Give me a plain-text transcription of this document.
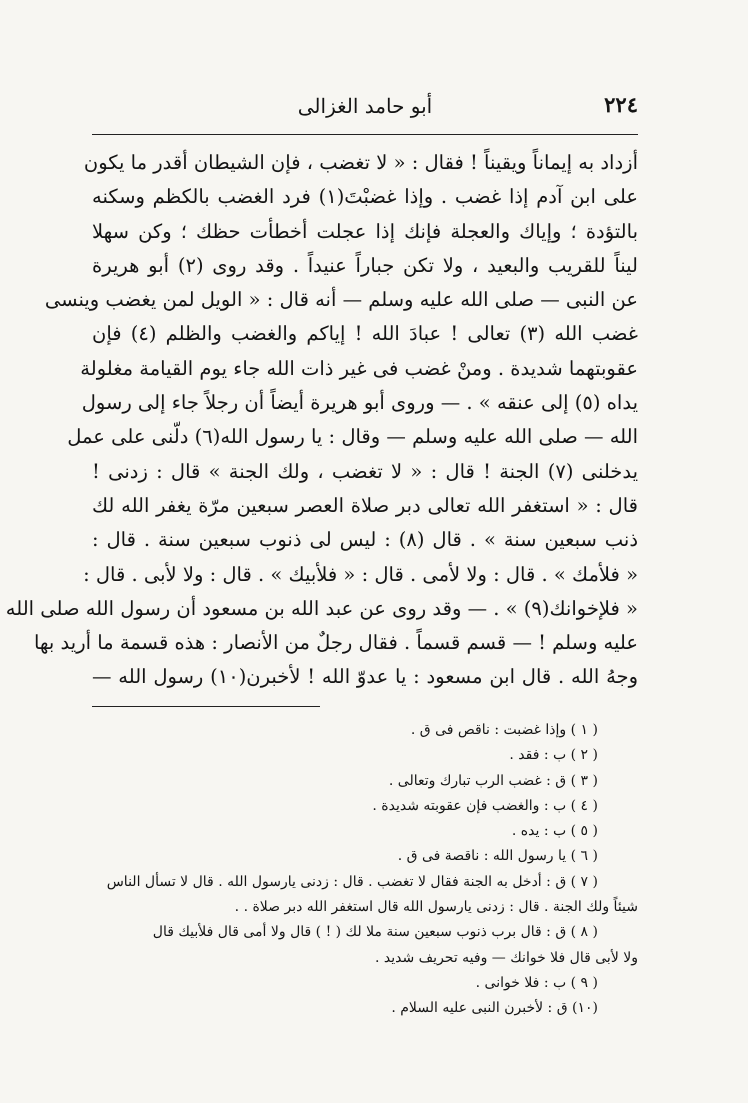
٢٢٤
أبو حامد الغزالى
أزداد به إيماناً ويقيناً ! فقال : « لا تغضب ، فإن الشيطان أقدر ما يكون
على ابن آدم إذا غضب . وإذا غضبْتَ(١) فرد الغضب بالكظم وسكنه
بالتؤدة ؛ وإياك والعجلة فإنك إذا عجلت أخطأت حظك ؛ وكن سهلا
ليناً للقريب والبعيد ، ولا تكن جباراً عنيداً . وقد روى (٢) أبو هريرة
عن النبى — صلى الله عليه وسلم — أنه قال : « الويل لمن يغضب وينسى
غضب الله (٣) تعالى ! عبادَ الله ! إياكم والغضب والظلم (٤) فإن
عقوبتهما شديدة . ومنْ غضب فى غير ذات الله جاء يوم القيامة مغلولة
يداه (٥) إلى عنقه » . — وروى أبو هريرة أيضاً أن رجلاً جاء إلى رسول
الله — صلى الله عليه وسلم — وقال : يا رسول الله(٦) دلّنى على عمل
يدخلنى (٧) الجنة ! قال : « لا تغضب ، ولك الجنة » قال : زدنى !
قال : « استغفر الله تعالى دبر صلاة العصر سبعين مرّة يغفر الله لك
ذنب سبعين سنة » . قال (٨) : ليس لى ذنوب سبعين سنة . قال :
« فلأمك » . قال : ولا لأمى . قال : « فلأبيك » . قال : ولا لأبى . قال :
« فلإخوانك(٩) » . — وقد روى عن عبد الله بن مسعود أن رسول الله صلى الله
عليه وسلم ! — قسم قسماً . فقال رجلٌ من الأنصار : هذه قسمة ما أريد بها
وجهُ الله . قال ابن مسعود : يا عدوّ الله ! لأخبرن(١٠) رسول الله —
( ١ ) وإذا غضبت : ناقص فى ق .
( ٢ ) ب : فقد .
( ٣ ) ق : غضب الرب تبارك وتعالى .
( ٤ ) ب : والغضب فإن عقوبته شديدة .
( ٥ ) ب : يده .
( ٦ ) يا رسول الله : ناقصة فى ق .
( ٧ ) ق : أدخل به الجنة فقال لا تغضب . قال : زدنى يارسول الله . قال لا تسأل الناس
شيئاً ولك الجنة . قال : زدنى يارسول الله قال استغفر الله دبر صلاة . .
( ٨ ) ق : قال برب ذنوب سبعين سنة ملا لك ( ! ) قال ولا أمى قال فلأبيك قال
ولا لأبى قال فلا خوانك — وفيه تحريف شديد .
( ٩ ) ب : فلا خوانى .
(١٠) ق : لأخبرن النبى عليه السلام .
